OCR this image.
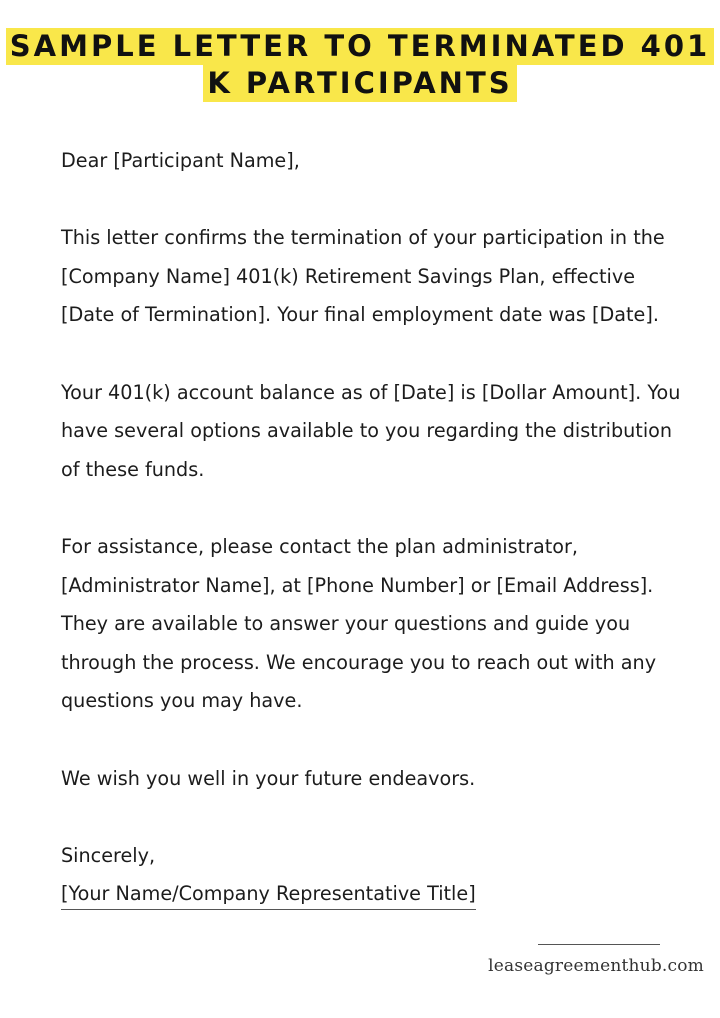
SAMPLE LETTER TO TERMINATED 401
K PARTICIPANTS

Dear [Participant Name],

This letter confirms the termination of your participation in the [Company Name] 401(k) Retirement Savings Plan, effective [Date of Termination]. Your final employment date was [Date].

Your 401(k) account balance as of [Date] is [Dollar Amount]. You have several options available to you regarding the distribution of these funds.

For assistance, please contact the plan administrator, [Administrator Name], at [Phone Number] or [Email Address]. They are available to answer your questions and guide you through the process. We encourage you to reach out with any questions you may have.

We wish you well in your future endeavors.

Sincerely,

[Your Name/Company Representative Title]

leaseagreementhub.com
